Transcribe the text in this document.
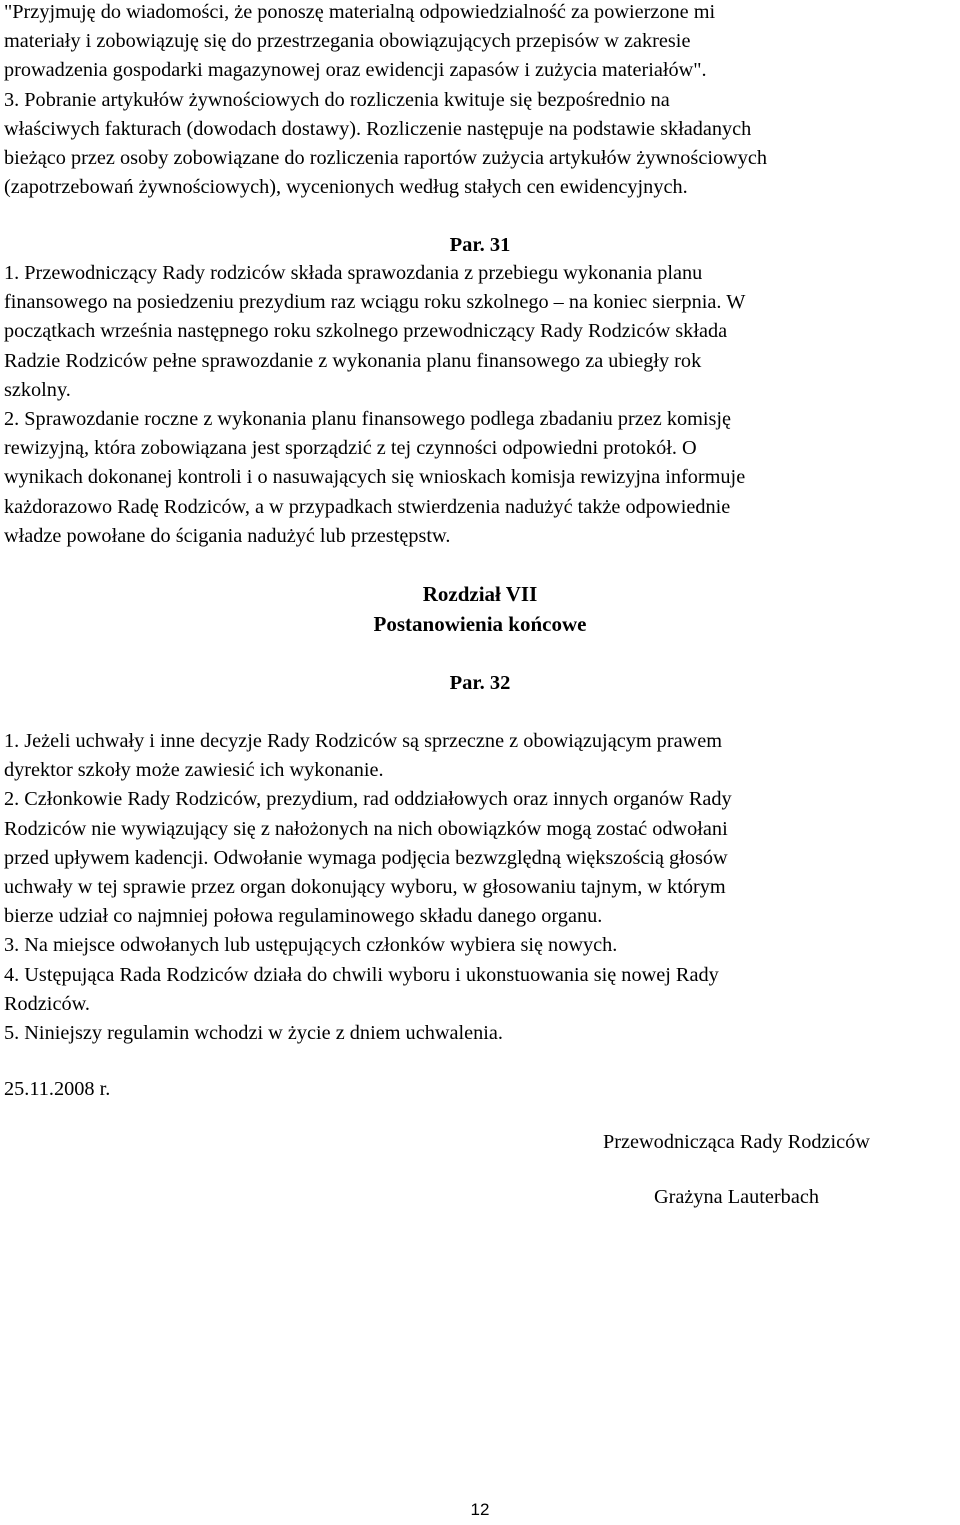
"Przyjmuję do wiadomości, że ponoszę materialną odpowiedzialność za powierzone mi
materiały i zobowiązuję się do przestrzegania obowiązujących przepisów w zakresie
prowadzenia gospodarki magazynowej oraz ewidencji zapasów i zużycia materiałów".
3. Pobranie artykułów żywnościowych do rozliczenia kwituje się bezpośrednio na
właściwych fakturach (dowodach dostawy). Rozliczenie następuje na podstawie składanych
bieżąco przez osoby zobowiązane do rozliczenia raportów zużycia artykułów żywnościowych
(zapotrzebowań żywnościowych), wycenionych według stałych cen ewidencyjnych.
Par. 31
1. Przewodniczący Rady rodziców składa sprawozdania z przebiegu wykonania planu
finansowego na posiedzeniu prezydium raz wciągu roku szkolnego – na koniec sierpnia. W
początkach września następnego roku szkolnego przewodniczący Rady Rodziców składa
Radzie Rodziców pełne sprawozdanie z wykonania planu finansowego za ubiegły rok
szkolny.
2. Sprawozdanie roczne z wykonania planu finansowego podlega zbadaniu przez komisję
rewizyjną, która zobowiązana jest sporządzić z tej czynności odpowiedni protokół. O
wynikach dokonanej kontroli i o nasuwających się wnioskach komisja rewizyjna informuje
każdorazowo Radę Rodziców, a w przypadkach stwierdzenia nadużyć także odpowiednie
władze powołane do ścigania nadużyć lub przestępstw.
Rozdział VII
Postanowienia końcowe
Par. 32
1. Jeżeli uchwały i inne decyzje Rady Rodziców są sprzeczne z obowiązującym prawem
dyrektor szkoły może zawiesić ich wykonanie.
2. Członkowie Rady Rodziców, prezydium, rad oddziałowych oraz innych organów Rady
Rodziców nie wywiązujący się z nałożonych na nich obowiązków mogą zostać odwołani
przed upływem kadencji. Odwołanie wymaga podjęcia bezwzględną większością głosów
uchwały w tej sprawie przez organ dokonujący wyboru, w głosowaniu tajnym, w którym
bierze udział co najmniej połowa regulaminowego składu danego organu.
3. Na miejsce odwołanych lub ustępujących członków wybiera się nowych.
4. Ustępująca Rada Rodziców działa do chwili wyboru i ukonstuowania się nowej Rady
Rodziców.
5. Niniejszy regulamin wchodzi w życie z dniem uchwalenia.
25.11.2008 r.
Przewodnicząca Rady Rodziców
Grażyna Lauterbach
12
